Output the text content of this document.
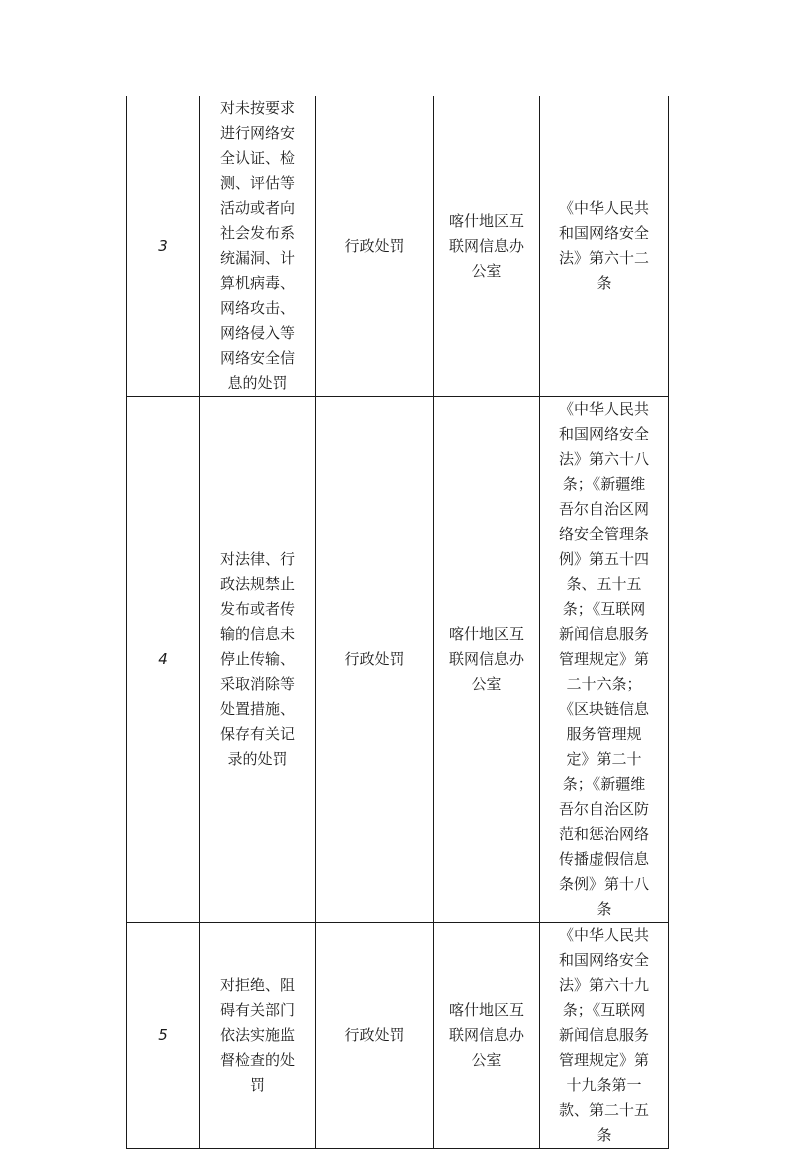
3	对未按要求进行网络安全认证、检测、评估等活动或者向社会发布系统漏洞、计算机病毒、网络攻击、网络侵入等网络安全信息的处罚	行政处罚	喀什地区互联网信息办公室	《中华人民共和国网络安全法》第六十二条
4	对法律、行政法规禁止发布或者传输的信息未停止传输、采取消除等处置措施、保存有关记录的处罚	行政处罚	喀什地区互联网信息办公室	《中华人民共和国网络安全法》第六十八条；《新疆维吾尔自治区网络安全管理条例》第五十四条、五十五条；《互联网新闻信息服务管理规定》第二十六条；《区块链信息服务管理规定》第二十条；《新疆维吾尔自治区防范和惩治网络传播虚假信息条例》第十八条
5	对拒绝、阻碍有关部门依法实施监督检查的处罚	行政处罚	喀什地区互联网信息办公室	《中华人民共和国网络安全法》第六十九条；《互联网新闻信息服务管理规定》第十九条第一款、第二十五条
